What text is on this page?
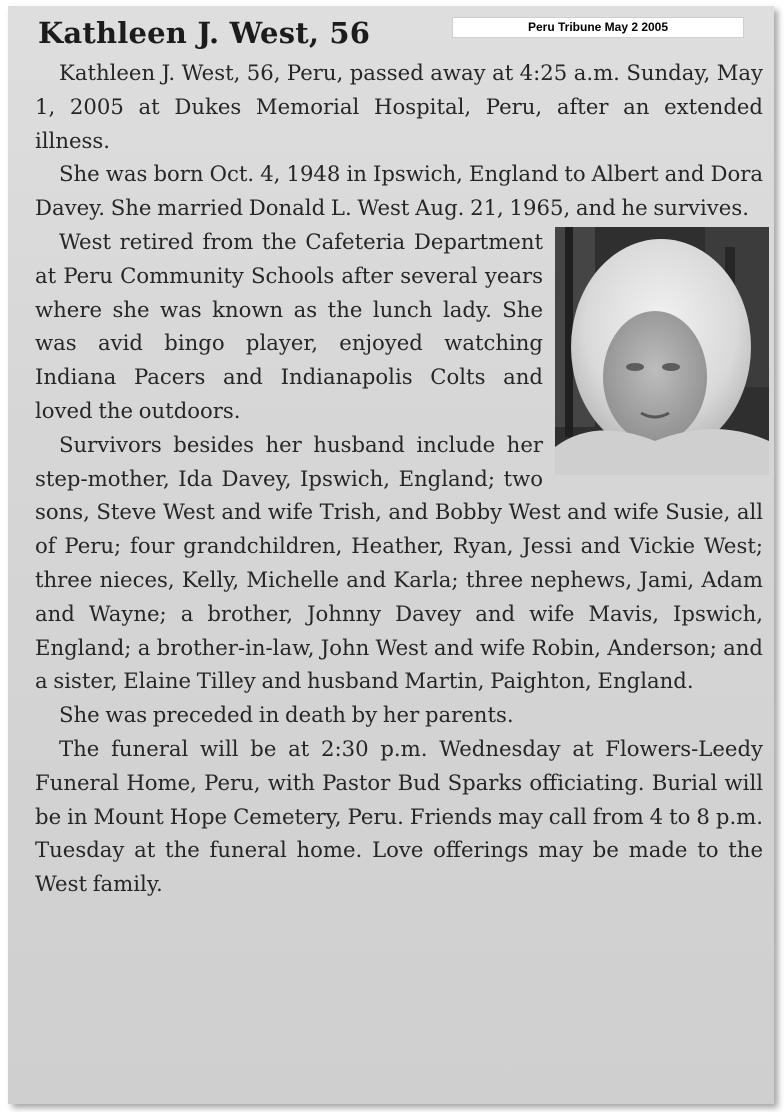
Peru Tribune May 2 2005
Kathleen J. West, 56

Kathleen J. West, 56, Peru, passed away at 4:25 a.m. Sunday, May 1, 2005 at Dukes Memorial Hospital, Peru, after an extended illness.

She was born Oct. 4, 1948 in Ipswich, England to Albert and Dora Davey. She married Donald L. West Aug. 21, 1965, and he survives.

West retired from the Cafeteria Department at Peru Community Schools after several years where she was known as the lunch lady. She was avid bingo player, enjoyed watching Indiana Pacers and Indianapolis Colts and loved the outdoors.

Survivors besides her husband include her step-mother, Ida Davey, Ipswich, England; two sons, Steve West and wife Trish, and Bobby West and wife Susie, all of Peru; four grandchildren, Heather, Ryan, Jessi and Vickie West; three nieces, Kelly, Michelle and Karla; three nephews, Jami, Adam and Wayne; a brother, Johnny Davey and wife Mavis, Ipswich, England; a brother-in-law, John West and wife Robin, Anderson; and a sister, Elaine Tilley and husband Martin, Paighton, England.

She was preceded in death by her parents.

The funeral will be at 2:30 p.m. Wednesday at Flowers-Leedy Funeral Home, Peru, with Pastor Bud Sparks officiating. Burial will be in Mount Hope Cemetery, Peru. Friends may call from 4 to 8 p.m. Tuesday at the funeral home. Love offerings may be made to the West family.
